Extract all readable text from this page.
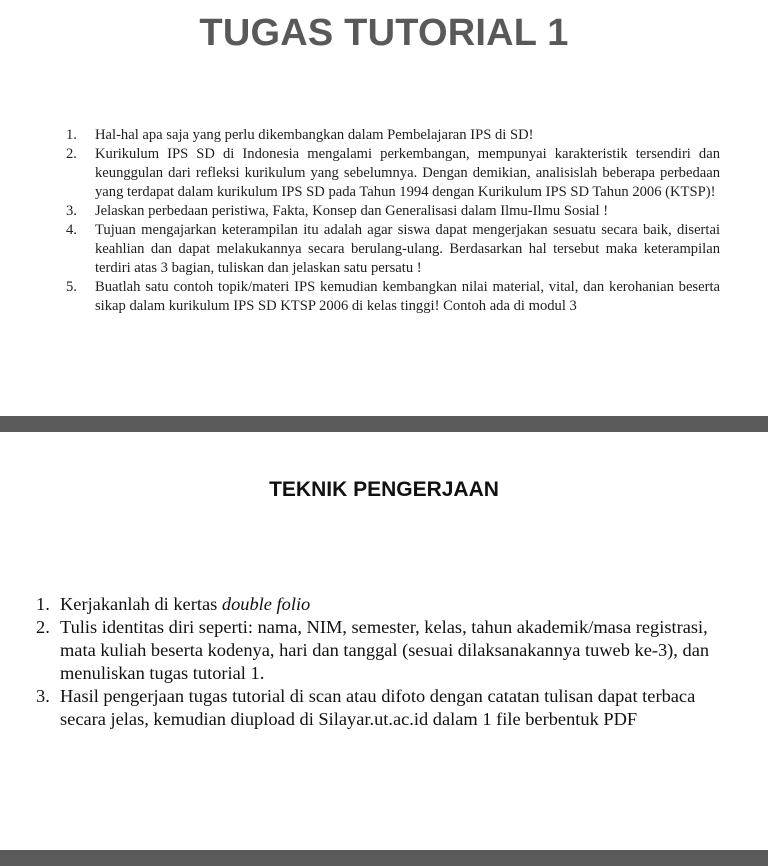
TUGAS TUTORIAL 1
1. Hal-hal apa saja yang perlu dikembangkan dalam Pembelajaran IPS di SD!
2. Kurikulum IPS SD di Indonesia mengalami perkembangan, mempunyai karakteristik tersendiri dan keunggulan dari refleksi kurikulum yang sebelumnya. Dengan demikian, analisislah beberapa perbedaan yang terdapat dalam kurikulum IPS SD pada Tahun 1994 dengan Kurikulum IPS SD Tahun 2006 (KTSP)!
3. Jelaskan perbedaan peristiwa, Fakta, Konsep dan Generalisasi dalam Ilmu-Ilmu Sosial !
4. Tujuan mengajarkan keterampilan itu adalah agar siswa dapat mengerjakan sesuatu secara baik, disertai keahlian dan dapat melakukannya secara berulang-ulang. Berdasarkan hal tersebut maka keterampilan terdiri atas 3 bagian, tuliskan dan jelaskan satu persatu !
5. Buatlah satu contoh topik/materi IPS kemudian kembangkan nilai material, vital, dan kerohanian beserta sikap dalam kurikulum IPS SD KTSP 2006 di kelas tinggi! Contoh ada di modul 3
TEKNIK PENGERJAAN
1. Kerjakanlah di kertas double folio
2. Tulis identitas diri seperti: nama, NIM, semester, kelas, tahun akademik/masa registrasi, mata kuliah beserta kodenya, hari dan tanggal (sesuai dilaksanakannya tuweb ke-3), dan menuliskan tugas tutorial 1.
3. Hasil pengerjaan tugas tutorial di scan atau difoto dengan catatan tulisan dapat terbaca secara jelas, kemudian diupload di Silayar.ut.ac.id dalam 1 file berbentuk PDF
